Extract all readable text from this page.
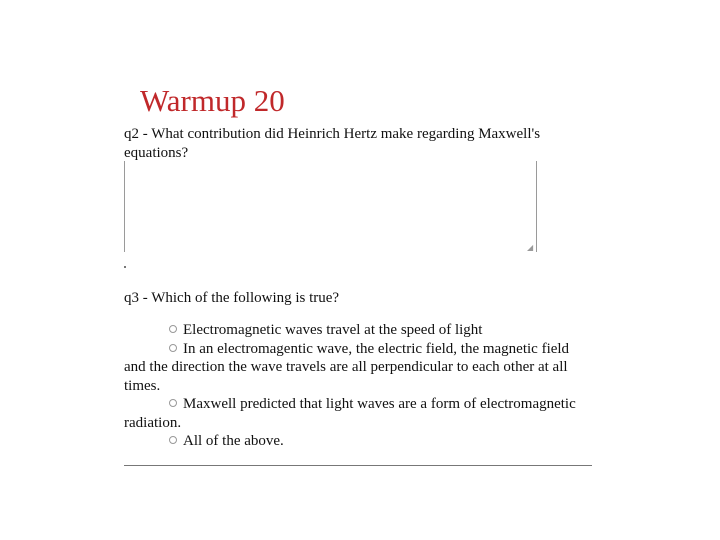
Warmup 20
q2 - What contribution did Heinrich Hertz make regarding Maxwell's equations?
◢
q3 - Which of the following is true?
Electromagnetic waves travel at the speed of light
In an electromagentic wave, the electric field, the magnetic field and the direction the wave travels are all perpendicular to each other at all times.
Maxwell predicted that light waves are a form of electromagnetic radiation.
All of the above.
